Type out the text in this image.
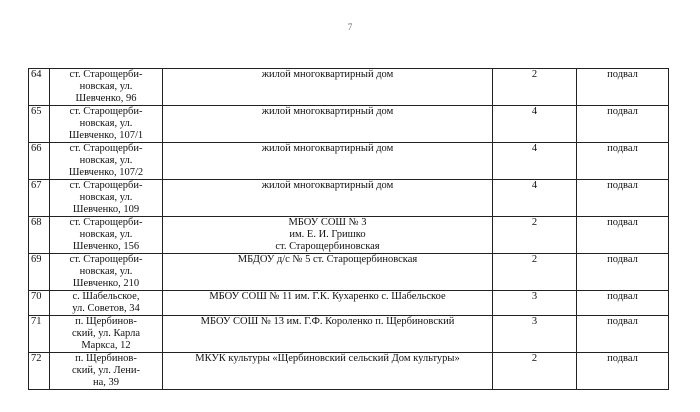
7
64	ст. Старощерби-
новская, ул.
Шевченко, 96	жилой многоквартирный дом	2	подвал
65	ст. Старощерби-
новская, ул.
Шевченко, 107/1	жилой многоквартирный дом	4	подвал
66	ст. Старощерби-
новская, ул.
Шевченко, 107/2	жилой многоквартирный дом	4	подвал
67	ст. Старощерби-
новская, ул.
Шевченко, 109	жилой многоквартирный дом	4	подвал
68	ст. Старощерби-
новская, ул.
Шевченко, 156	МБОУ СОШ № 3
им. Е. И. Гришко
ст. Старощербиновская	2	подвал
69	ст. Старощерби-
новская, ул.
Шевченко, 210	МБДОУ д/с № 5 ст. Старощербиновская	2	подвал
70	с. Шабельское,
ул. Советов, 34	МБОУ СОШ № 11 им. Г.К. Кухаренко с. Шабельское	3	подвал
71	п. Щербинов-
ский, ул. Карла
Маркса, 12	МБОУ СОШ № 13 им. Г.Ф. Короленко п. Щербиновский	3	подвал
72	п. Щербинов-
ский, ул. Лени-
на, 39	МКУК культуры «Щербиновский сельский Дом культуры»	2	подвал
